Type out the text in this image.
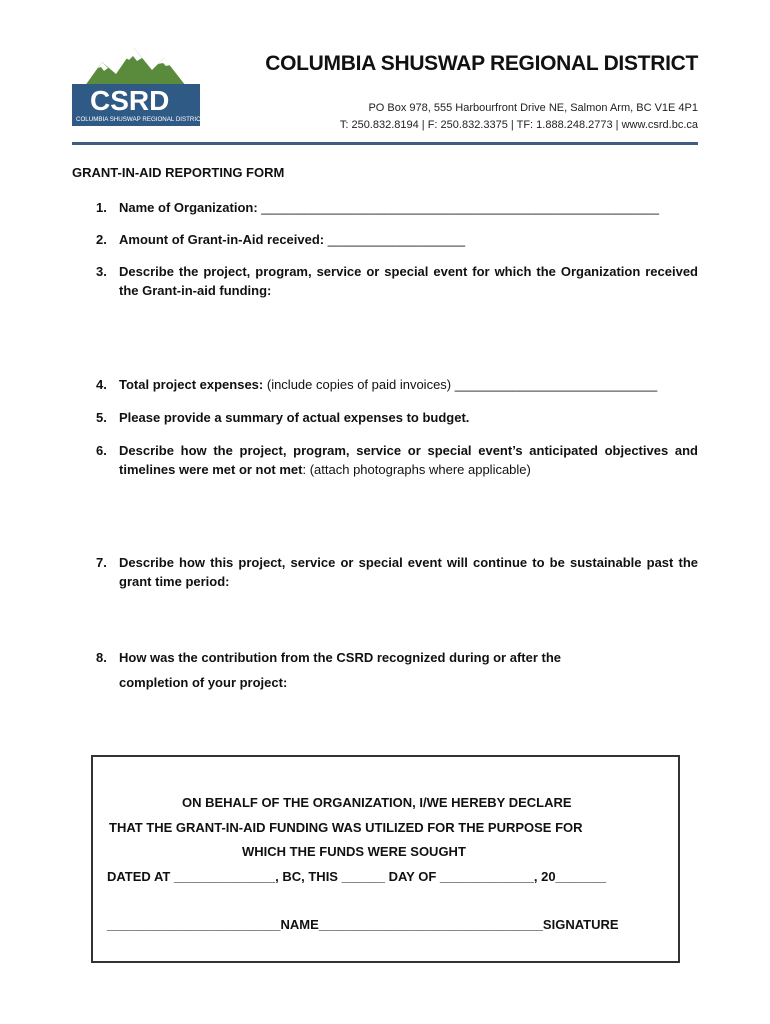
CSRD
COLUMBIA SHUSWAP REGIONAL DISTRICT
COLUMBIA SHUSWAP REGIONAL DISTRICT
PO Box 978, 555 Harbourfront Drive NE, Salmon Arm, BC V1E 4P1
T: 250.832.8194 | F: 250.832.3375 | TF: 1.888.248.2773 | www.csrd.bc.ca
GRANT-IN-AID REPORTING FORM
1. Name of Organization: _______________________________________________________
2. Amount of Grant-in-Aid received: ___________________
3. Describe the project, program, service or special event for which the Organization received the Grant-in-aid funding:
4. Total project expenses: (include copies of paid invoices) ____________________________
5. Please provide a summary of actual expenses to budget.
6. Describe how the project, program, service or special event’s anticipated objectives and timelines were met or not met: (attach photographs where applicable)
7. Describe how this project, service or special event will continue to be sustainable past the grant time period:
8. How was the contribution from the CSRD recognized during or after the
completion of your project:
ON BEHALF OF THE ORGANIZATION, I/WE HEREBY DECLARE
THAT THE GRANT-IN-AID FUNDING WAS UTILIZED FOR THE PURPOSE FOR
WHICH THE FUNDS WERE SOUGHT
DATED AT ______________, BC, THIS ______ DAY OF _____________, 20_______
________________________NAME_______________________________SIGNATURE
